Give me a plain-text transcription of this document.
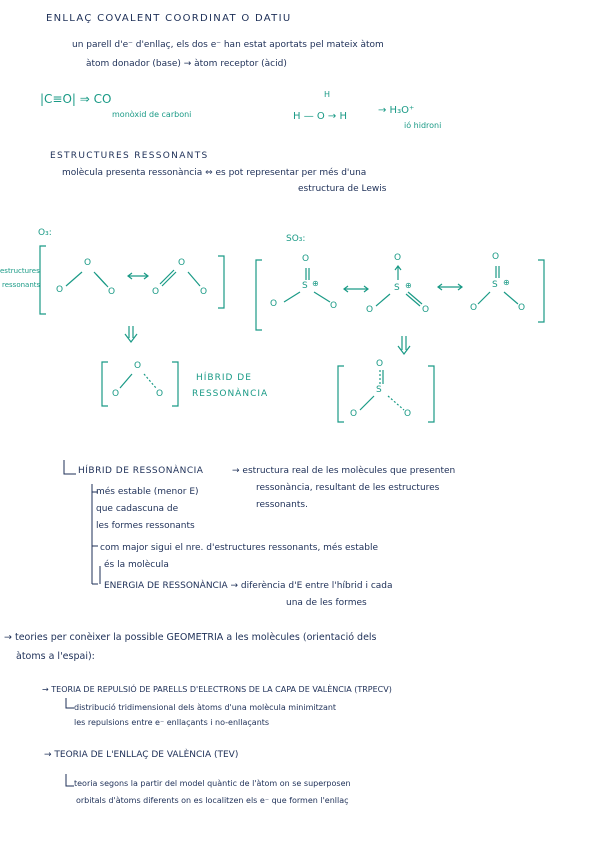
ENLLAÇ COVALENT COORDINAT O DATIU
un parell d'e⁻ d'enllaç, els dos e⁻ han estat aportats pel mateix àtom
àtom donador (base) → àtom receptor (àcid)
|C≡O| ⇒ CO
monòxid de carboni
H
H — O → H
→ H₃O⁺
ió hidroni
ESTRUCTURES RESSONANTS
molècula presenta ressonància ⇔ es pot representar per més d'una
estructura de Lewis
O₃:
SO₃:
estructures
ressonants
O
O	O
O
O	O
O
O	O
HÍBRID DE
RESSONÀNCIA
O
S ⊕
O	O
O
S ⊕
O	O
O
S ⊕
O	O
O
S
O	O
HÍBRID DE RESSONÀNCIA	→ estructura real de les molècules que presenten
ressonància, resultant de les estructures
ressonants.
més estable (menor E)
que cadascuna de
les formes ressonants
com major sigui el nre. d'estructures ressonants, més estable
és la molècula
ENERGIA DE RESSONÀNCIA → diferència d'E entre l'híbrid i cada
una de les formes
→ teories per conèixer la possible GEOMETRIA a les molècules (orientació dels
àtoms a l'espai):
→ TEORIA DE REPULSIÓ DE PARELLS D'ELECTRONS DE LA CAPA DE VALÈNCIA (TRPECV)
distribució tridimensional dels àtoms d'una molècula minimitzant
les repulsions entre e⁻ enllaçants i no-enllaçants
→ TEORIA DE L'ENLLAÇ DE VALÈNCIA (TEV)
teoria segons la partir del model quàntic de l'àtom on se superposen
orbitals d'àtoms diferents on es localitzen els e⁻ que formen l'enllaç
